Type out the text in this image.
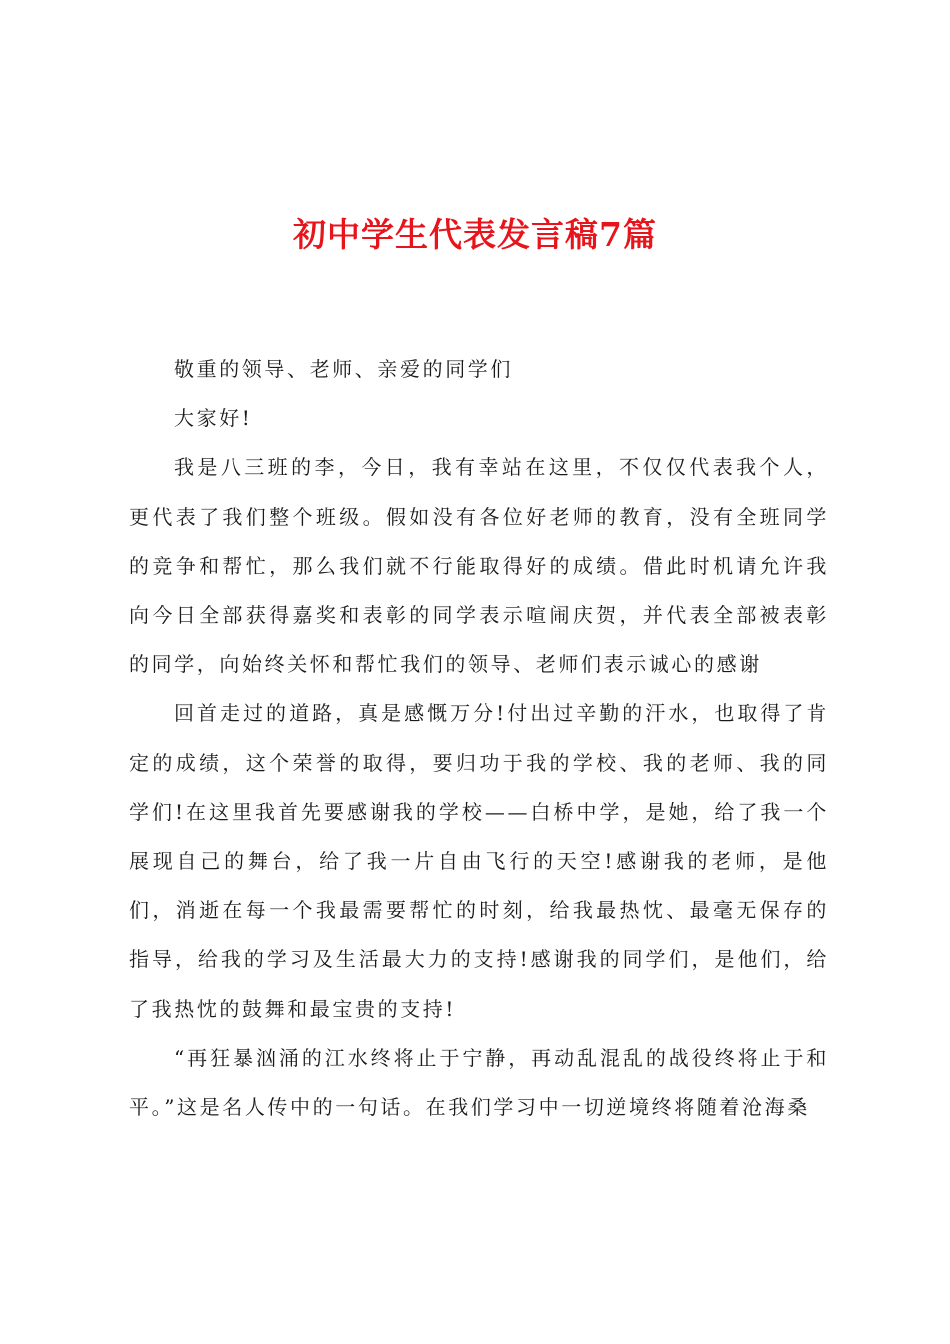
初中学生代表发言稿7篇

敬重的领导、老师、亲爱的同学们

大家好!

我是八三班的李，今日，我有幸站在这里，不仅仅代表我个人，更代表了我们整个班级。假如没有各位好老师的教育，没有全班同学的竞争和帮忙，那么我们就不行能取得好的成绩。借此时机请允许我向今日全部获得嘉奖和表彰的同学表示喧闹庆贺，并代表全部被表彰的同学，向始终关怀和帮忙我们的领导、老师们表示诚心的感谢

回首走过的道路，真是感慨万分!付出过辛勤的汗水，也取得了肯定的成绩，这个荣誉的取得，要归功于我的学校、我的老师、我的同学们!在这里我首先要感谢我的学校——白桥中学，是她，给了我一个展现自己的舞台，给了我一片自由飞行的天空!感谢我的老师，是他们，消逝在每一个我最需要帮忙的时刻，给我最热忱、最毫无保存的指导，给我的学习及生活最大力的支持!感谢我的同学们，是他们，给了我热忱的鼓舞和最宝贵的支持!

“再狂暴汹涌的江水终将止于宁静，再动乱混乱的战役终将止于和平。”这是名人传中的一句话。在我们学习中一切逆境终将随着沧海桑
